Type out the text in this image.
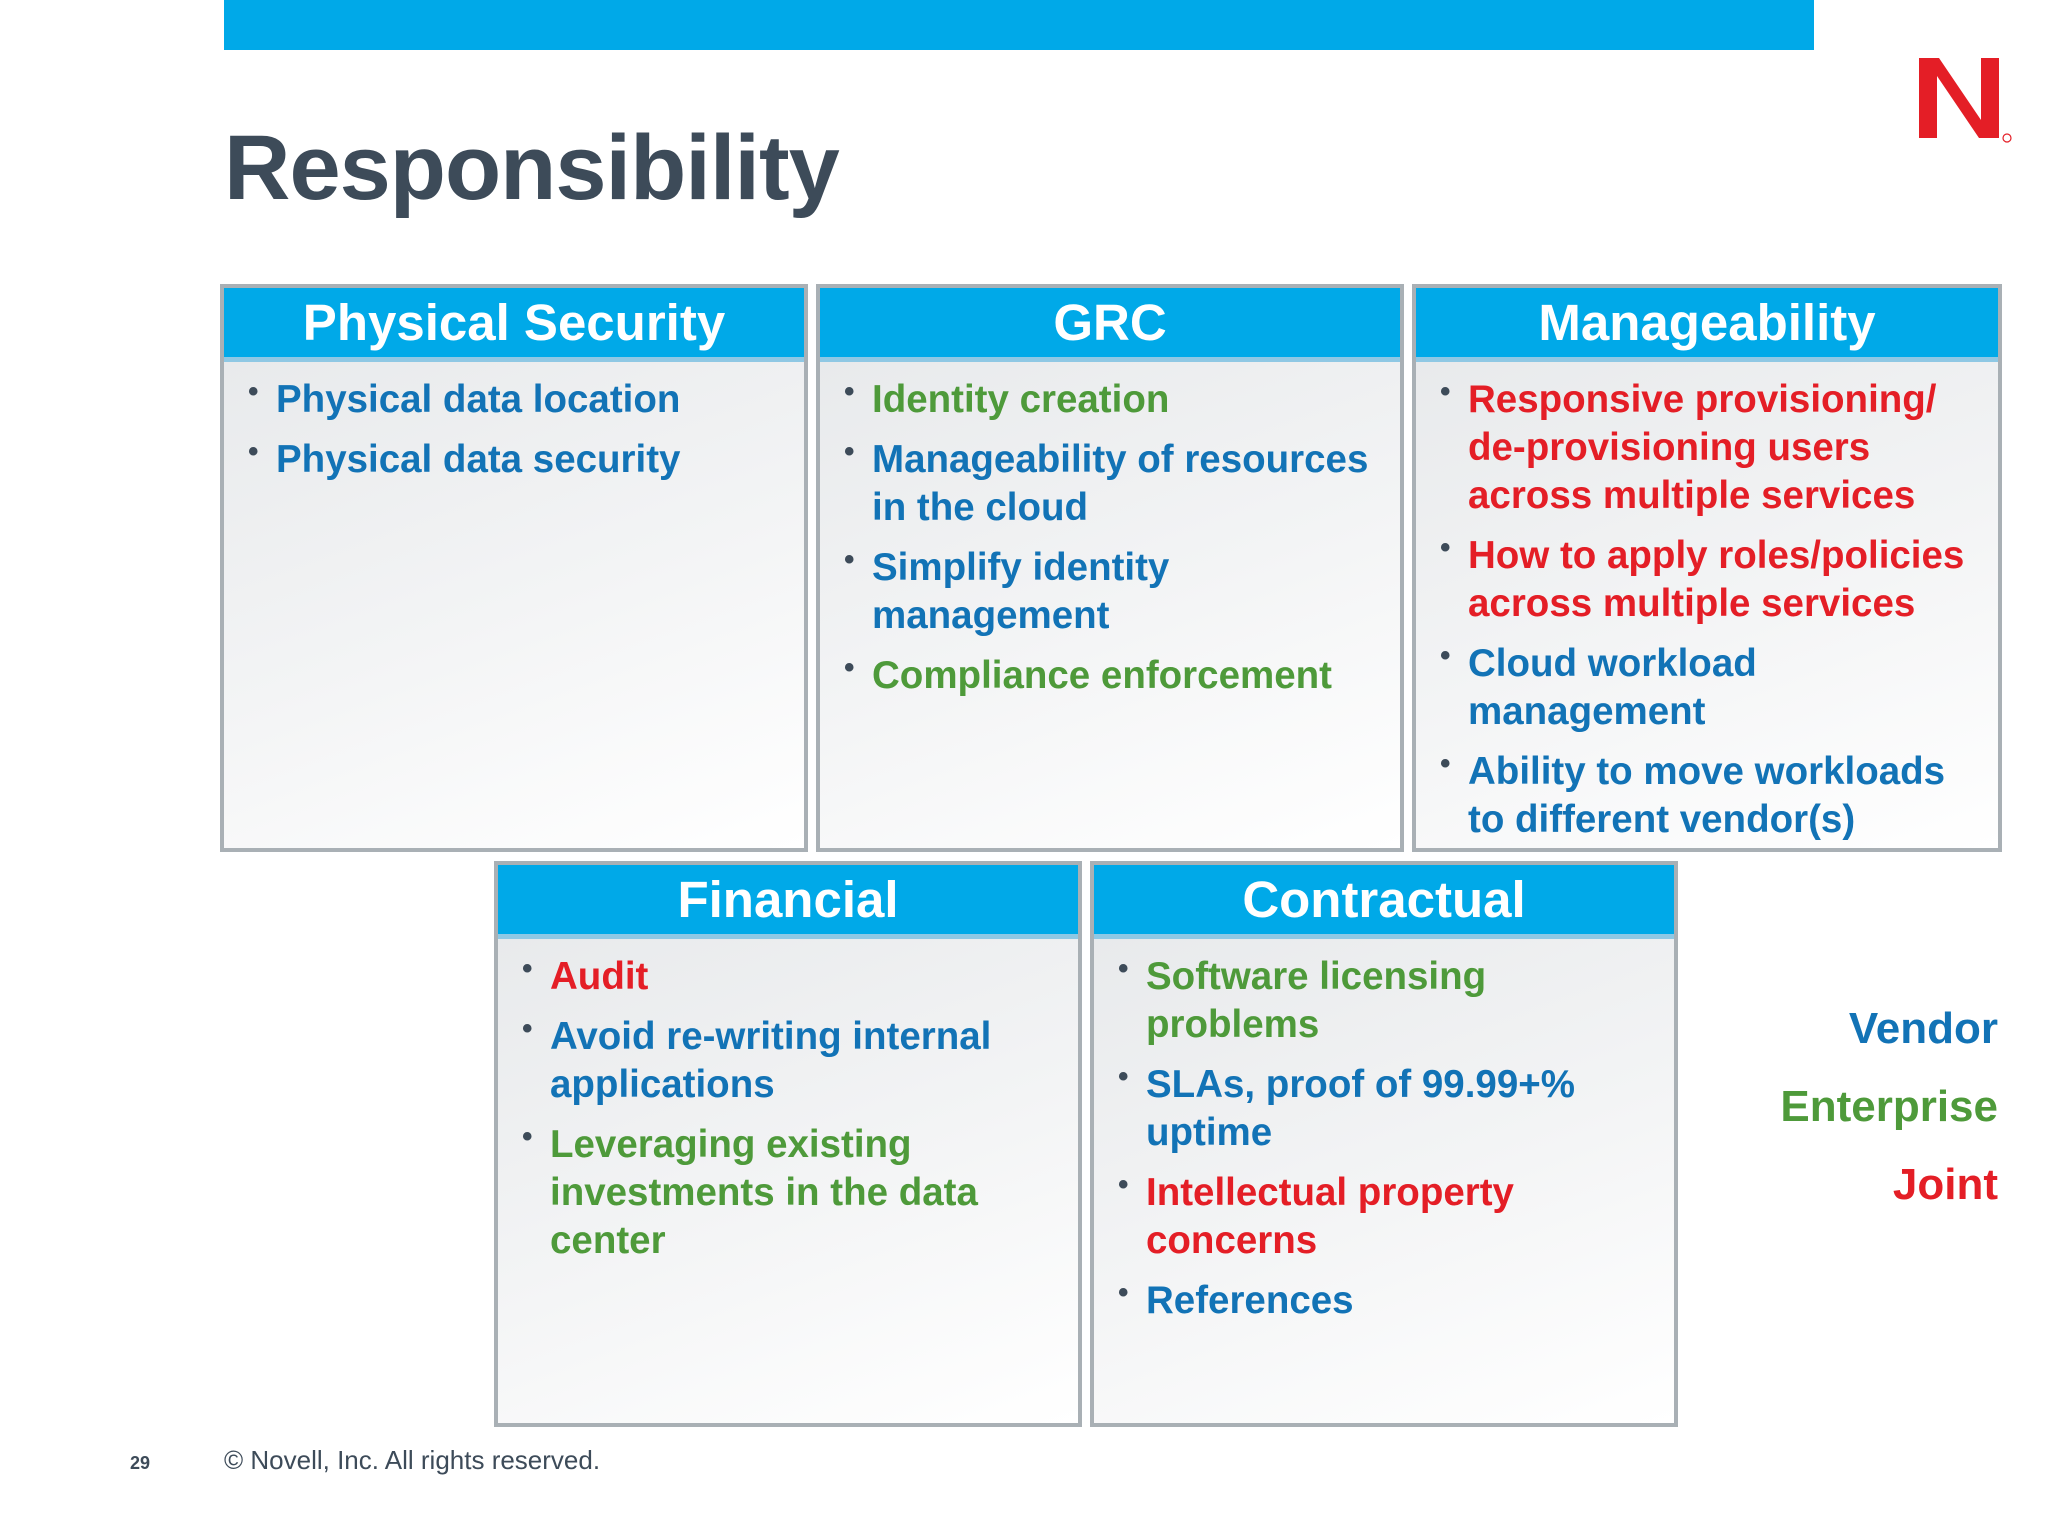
Responsibility
Physical Security
• Physical data location
• Physical data security
GRC
• Identity creation
• Manageability of resources in the cloud
• Simplify identity management
• Compliance enforcement
Manageability
• Responsive provisioning/ de-provisioning users across multiple services
• How to apply roles/policies across multiple services
• Cloud workload management
• Ability to move workloads to different vendor(s)
Financial
• Audit
• Avoid re-writing internal applications
• Leveraging existing investments in the data center
Contractual
• Software licensing problems
• SLAs, proof of 99.99+% uptime
• Intellectual property concerns
• References
Vendor
Enterprise
Joint
29	© Novell, Inc. All rights reserved.
